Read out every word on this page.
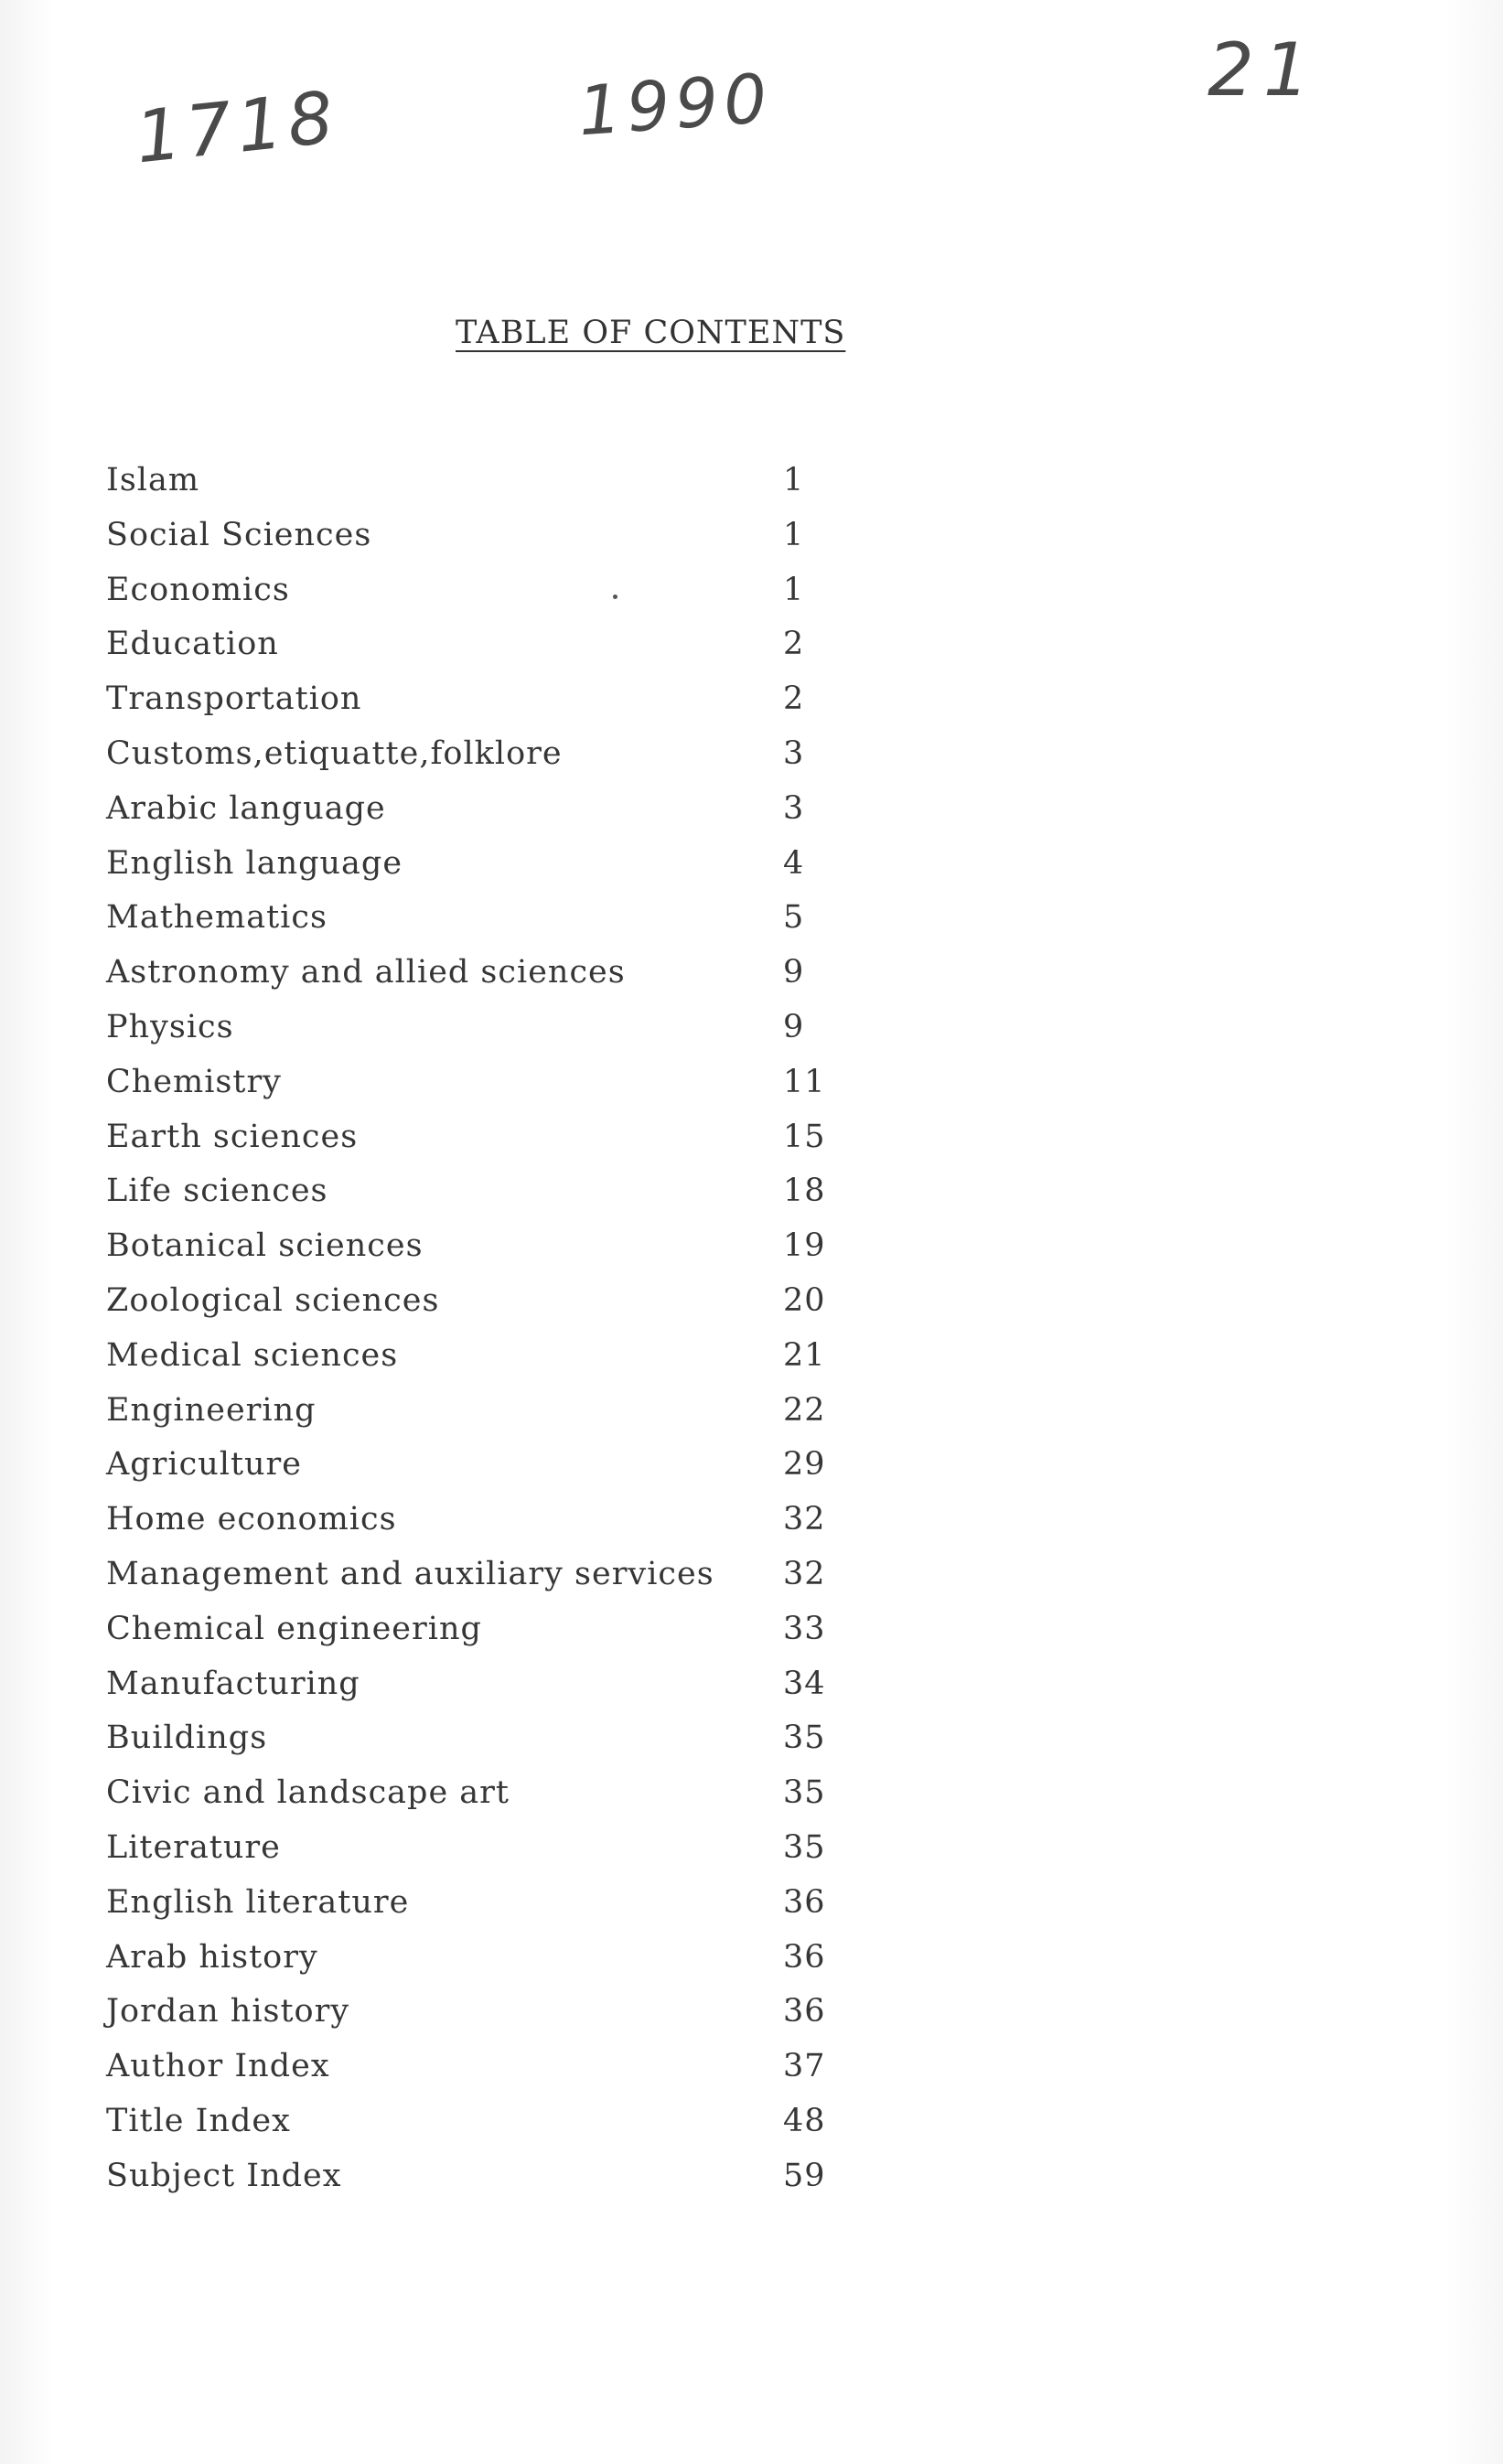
1718	1990	21
TABLE OF CONTENTS
Islam	1
Social Sciences	1
Economics	1
Education	2
Transportation	2
Customs,etiquatte,folklore	3
Arabic language	3
English language	4
Mathematics	5
Astronomy and allied sciences	9
Physics	9
Chemistry	11
Earth sciences	15
Life sciences	18
Botanical sciences	19
Zoological sciences	20
Medical sciences	21
Engineering	22
Agriculture	29
Home economics	32
Management and auxiliary services 32
Chemical engineering	33
Manufacturing	34
Buildings	35
Civic and landscape art	35
Literature	35
English literature	36
Arab history	36
Jordan history	36
Author Index	37
Title Index	48
Subject Index	59
